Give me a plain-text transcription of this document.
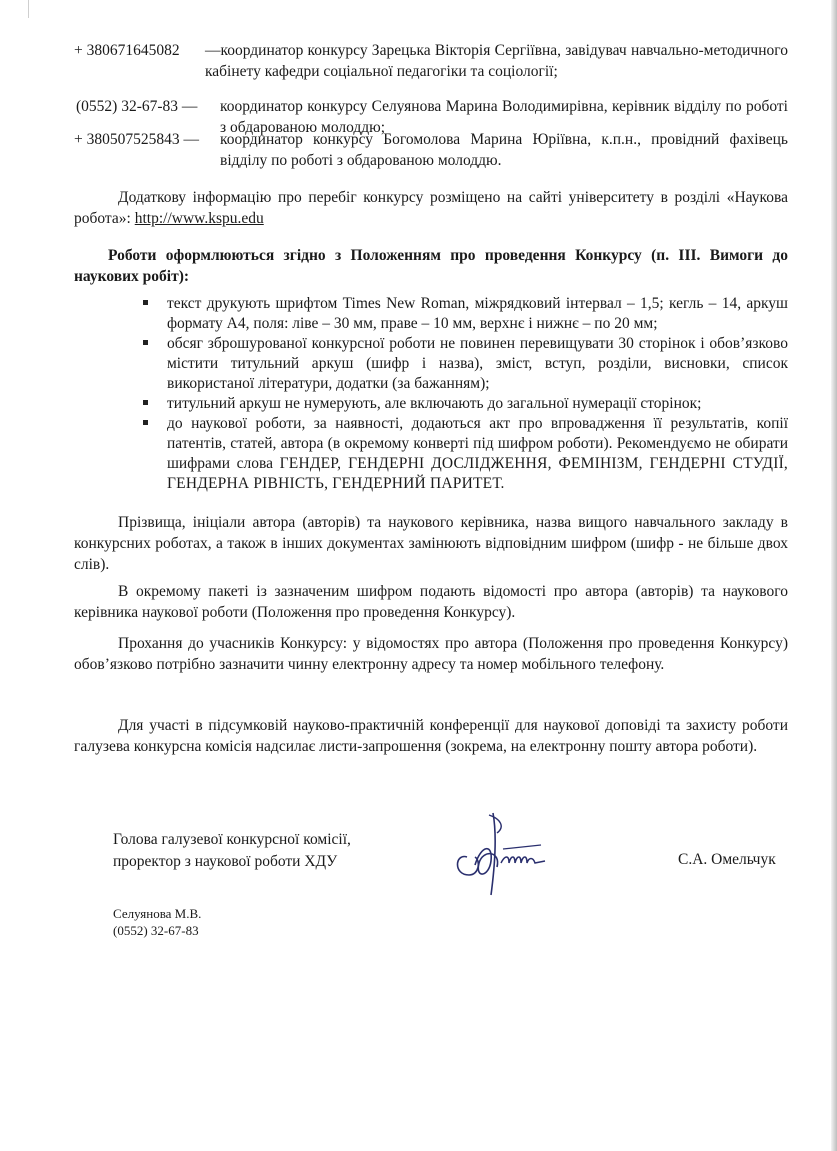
+ 380671645082 —координатор конкурсу Зарецька Вікторія Сергіївна, завідувач навчально-методичного кабінету кафедри соціальної педагогіки та соціології;
(0552) 32-67-83 — координатор конкурсу Селуянова Марина Володимирівна, керівник відділу по роботі з обдарованою молоддю;
+ 380507525843 — координатор конкурсу Богомолова Марина Юріївна, к.п.н., провідний фахівець відділу по роботі з обдарованою молоддю.
Додаткову інформацію про перебіг конкурсу розміщено на сайті університету в розділі «Наукова робота»: http://www.kspu.edu
Роботи оформлюються згідно з Положенням про проведення Конкурсу (п. ІІІ. Вимоги до наукових робіт):
текст друкують шрифтом Times New Roman, міжрядковий інтервал – 1,5; кегль – 14, аркуш формату А4, поля: ліве – 30 мм, праве – 10 мм, верхнє і нижнє – по 20 мм;
обсяг зброшурованої конкурсної роботи не повинен перевищувати 30 сторінок і обов’язково містити титульний аркуш (шифр і назва), зміст, вступ, розділи, висновки, список використаної літератури, додатки (за бажанням);
титульний аркуш не нумерують, але включають до загальної нумерації сторінок;
до наукової роботи, за наявності, додаються акт про впровадження її результатів, копії патентів, статей, автора (в окремому конверті під шифром роботи). Рекомендуємо не обирати шифрами слова ГЕНДЕР, ГЕНДЕРНІ ДОСЛІДЖЕННЯ, ФЕМІНІЗМ, ГЕНДЕРНІ СТУДІЇ, ГЕНДЕРНА РІВНІСТЬ, ГЕНДЕРНИЙ ПАРИТЕТ.
Прізвища, ініціали автора (авторів) та наукового керівника, назва вищого навчального закладу в конкурсних роботах, а також в інших документах замінюють відповідним шифром (шифр - не більше двох слів).
В окремому пакеті із зазначеним шифром подають відомості про автора (авторів) та наукового керівника наукової роботи (Положення про проведення Конкурсу).
Прохання до учасників Конкурсу: у відомостях про автора (Положення про проведення Конкурсу) обов’язково потрібно зазначити чинну електронну адресу та номер мобільного телефону.
Для участі в підсумковій науково-практичній конференції для наукової доповіді та захисту роботи галузева конкурсна комісія надсилає листи-запрошення (зокрема, на електронну пошту автора роботи).
Голова галузевої конкурсної комісії,
проректор з наукової роботи ХДУ	С.А. Омельчук
Селуянова М.В.
(0552) 32-67-83
